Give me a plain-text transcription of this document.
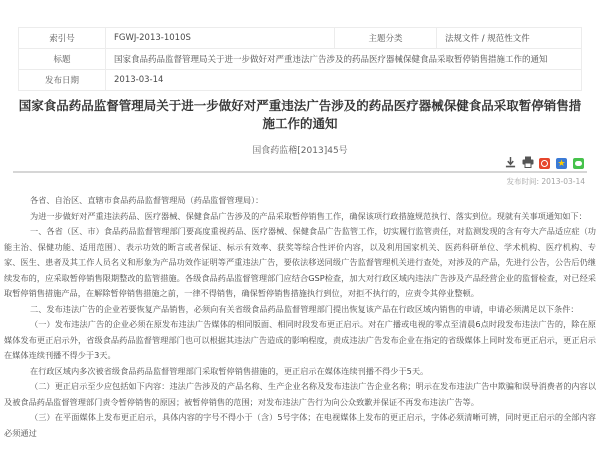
索引号	FGWJ-2013-1010S	主题分类	法规文件 / 规范性文件
标题	国家食品药品监督管理局关于进一步做好对严重违法广告涉及的药品医疗器械保健食品采取暂停销售措施工作的通知		
发布日期	2013-03-14		
国家食品药品监督管理局关于进一步做好对严重违法广告涉及的药品医疗器械保健食品采取暂停销售措施工作的通知
国食药监稽[2013]45号
★
发布时间: 2013-03-14

各省、自治区、直辖市食品药品监督管理局（药品监督管理局）：

为进一步做好对严重违法药品、医疗器械、保健食品广告涉及的产品采取暂停销售工作，确保该项行政措施规范执行、落实到位。现就有关事项通知如下：

一、各省（区、市）食品药品监督管理部门要高度重视药品、医疗器械、保健食品广告监管工作，切实履行监管责任，对监测发现的含有夸大产品适应症（功能主治、保健功能、适用范围）、表示功效的断言或者保证、标示有效率、获奖等综合性评价内容，以及利用国家机关、医药科研单位、学术机构、医疗机构、专家、医生、患者及其工作人员名义和形象为产品功效作证明等严重违法广告，要依法移送同级广告监督管理机关进行查处，对涉及的产品，先进行公告，公告后仍继续发布的，应采取暂停销售限期整改的监管措施。各级食品药品监督管理部门应结合GSP检查，加大对行政区域内违法广告涉及产品经营企业的监督检查，对已经采取暂停销售措施产品，在解除暂停销售措施之前，一律不得销售，确保暂停销售措施执行到位，对拒不执行的，应责令其停业整顿。

二、发布违法广告的企业若要恢复产品销售，必须向有关省级食品药品监督管理部门提出恢复该产品在行政区域内销售的申请，申请必须满足以下条件：

（一）发布违法广告的企业必须在原发布违法广告媒体的相同版面、相同时段发布更正启示。对在广播或电视的零点至清晨6点时段发布违法广告的，除在原媒体发布更正启示外，省级食品药品监督管理部门也可以根据其违法广告造成的影响程度，责成违法广告发布企业在指定的省级媒体上同时发布更正启示，更正启示在媒体连续刊播不得少于3天。

在行政区域内多次被省级食品药品监督管理部门采取暂停销售措施的，更正启示在媒体连续刊播不得少于5天。

（二）更正启示至少应包括如下内容：违法广告涉及的产品名称、生产企业名称及发布违法广告企业名称；明示在发布违法广告中欺骗和误导消费者的内容以及被食品药品监督管理部门责令暂停销售的原因；被暂停销售的范围；对发布违法广告行为向公众致歉并保证不再发布违法广告等。

（三）在平面媒体上发布更正启示，具体内容的字号不得小于（含）5号字体；在电视媒体上发布的更正启示，字体必须清晰可辨，同时更正启示的全部内容必须通过
